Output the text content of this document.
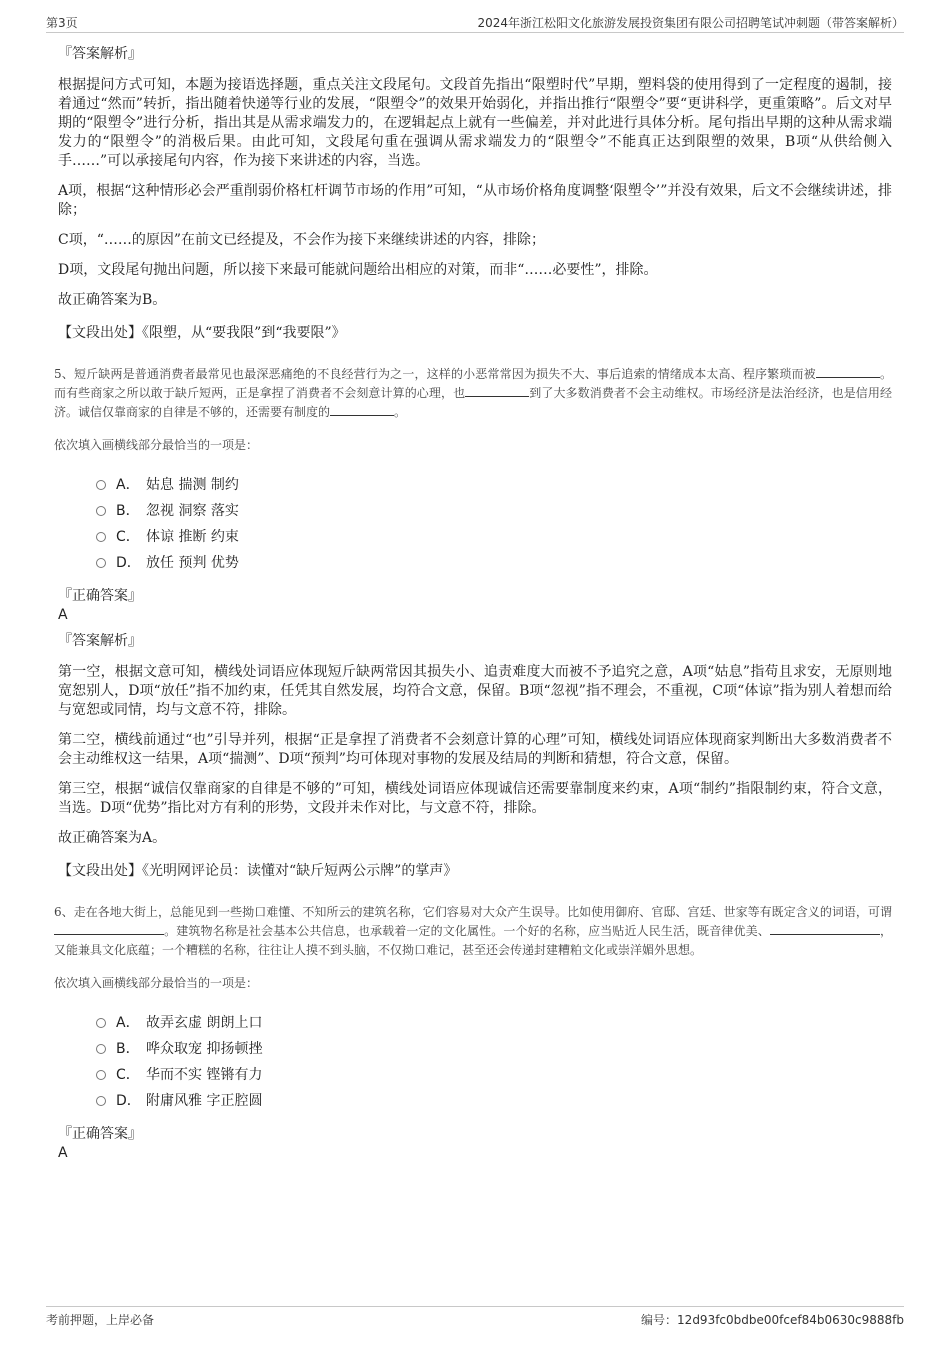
第3页	2024年浙江松阳文化旅游发展投资集团有限公司招聘笔试冲刺题（带答案解析）
『答案解析』

根据提问方式可知，本题为接语选择题，重点关注文段尾句。文段首先指出“限塑时代”早期，塑料袋的使用得到了一定程度的遏制，接着通过“然而”转折，指出随着快递等行业的发展，“限塑令”的效果开始弱化，并指出推行“限塑令”要“更讲科学，更重策略”。后文对早期的“限塑令”进行分析，指出其是从需求端发力的，在逻辑起点上就有一些偏差，并对此进行具体分析。尾句指出早期的这种从需求端发力的“限塑令”的消极后果。由此可知，文段尾句重在强调从需求端发力的“限塑令”不能真正达到限塑的效果，B项“从供给侧入手……”可以承接尾句内容，作为接下来讲述的内容，当选。

A项，根据“这种情形必会严重削弱价格杠杆调节市场的作用”可知，“从市场价格角度调整‘限塑令’”并没有效果，后文不会继续讲述，排除；

C项，“……的原因”在前文已经提及，不会作为接下来继续讲述的内容，排除；

D项，文段尾句抛出问题，所以接下来最可能就问题给出相应的对策，而非“……必要性”，排除。

故正确答案为B。

【文段出处】《限塑，从“要我限”到“我要限”》

5、短斤缺两是普通消费者最常见也最深恶痛绝的不良经营行为之一，这样的小恶常常因为损失不大、事后追索的情绪成本太高、程序繁琐而被	。而有些商家之所以敢于缺斤短两，正是拿捏了消费者不会刻意计算的心理，也	到了大多数消费者不会主动维权。市场经济是法治经济，也是信用经济。诚信仅靠商家的自律是不够的，还需要有制度的	。

依次填入画横线部分最恰当的一项是：
A． 姑息 揣测 制约
B． 忽视 洞察 落实
C． 体谅 推断 约束
D． 放任 预判 优势
『正确答案』
A
『答案解析』

第一空，根据文意可知，横线处词语应体现短斤缺两常因其损失小、追责难度大而被不予追究之意，A项“姑息”指苟且求安，无原则地宽恕别人，D项“放任”指不加约束，任凭其自然发展，均符合文意，保留。B项“忽视”指不理会，不重视，C项“体谅”指为别人着想而给与宽恕或同情，均与文意不符，排除。

第二空，横线前通过“也”引导并列，根据“正是拿捏了消费者不会刻意计算的心理”可知，横线处词语应体现商家判断出大多数消费者不会主动维权这一结果，A项“揣测”、D项“预判”均可体现对事物的发展及结局的判断和猜想，符合文意，保留。

第三空，根据“诚信仅靠商家的自律是不够的”可知，横线处词语应体现诚信还需要靠制度来约束，A项“制约”指限制约束，符合文意，当选。D项“优势”指比对方有利的形势，文段并未作对比，与文意不符，排除。

故正确答案为A。

【文段出处】《光明网评论员：读懂对“缺斤短两公示牌”的掌声》

6、走在各地大街上，总能见到一些拗口难懂、不知所云的建筑名称，它们容易对大众产生误导。比如使用御府、官邸、宫廷、世家等有既定含义的词语，可谓。建筑物名称是社会基本公共信息，也承载着一定的文化属性。一个好的名称，应当贴近人民生活，既音律优美、	，又能兼具文化底蕴；一个糟糕的名称，往往让人摸不到头脑，不仅拗口难记，甚至还会传递封建糟粕文化或崇洋媚外思想。

依次填入画横线部分最恰当的一项是：
A． 故弄玄虚 朗朗上口
B． 哗众取宠 抑扬顿挫
C． 华而不实 铿锵有力
D． 附庸风雅 字正腔圆
『正确答案』
A
考前押题，上岸必备	编号：12d93fc0bdbe00fcef84b0630c9888fb
